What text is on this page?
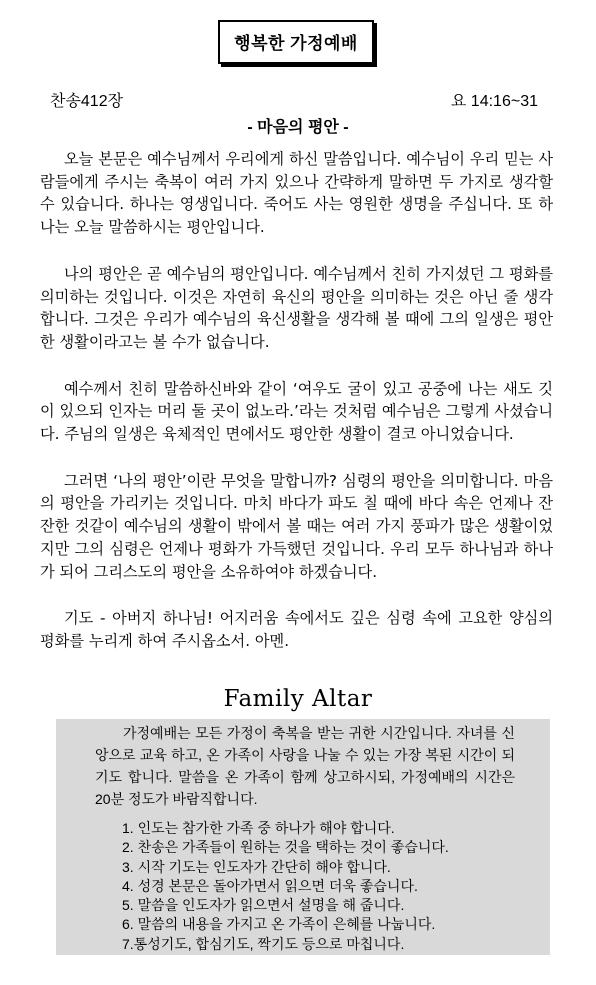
행복한 가정예배
찬송412장	요 14:16~31
- 마음의 평안 -

오늘 본문은 예수님께서 우리에게 하신 말씀입니다. 예수님이 우리 믿는 사람들에게 주시는 축복이 여러 가지 있으나 간략하게 말하면 두 가지로 생각할 수 있습니다. 하나는 영생입니다. 죽어도 사는 영원한 생명을 주십니다. 또 하나는 오늘 말씀하시는 평안입니다.

나의 평안은 곧 예수님의 평안입니다. 예수님께서 친히 가지셨던 그 평화를 의미하는 것입니다. 이것은 자연히 육신의 평안을 의미하는 것은 아닌 줄 생각합니다. 그것은 우리가 예수님의 육신생활을 생각해 볼 때에 그의 일생은 평안한 생활이라고는 볼 수가 없습니다.

예수께서 친히 말씀하신바와 같이 ‘여우도 굴이 있고 공중에 나는 새도 깃이 있으되 인자는 머리 둘 곳이 없노라.’라는 것처럼 예수님은 그렇게 사셨습니다. 주님의 일생은 육체적인 면에서도 평안한 생활이 결코 아니었습니다.

그러면 ‘나의 평안’이란 무엇을 말합니까? 심령의 평안을 의미합니다. 마음의 평안을 가리키는 것입니다. 마치 바다가 파도 칠 때에 바다 속은 언제나 잔잔한 것같이 예수님의 생활이 밖에서 볼 때는 여러 가지 풍파가 많은 생활이었지만 그의 심령은 언제나 평화가 가득했던 것입니다. 우리 모두 하나님과 하나가 되어 그리스도의 평안을 소유하여야 하겠습니다.

기도 - 아버지 하나님! 어지러움 속에서도 깊은 심령 속에 고요한 양심의 평화를 누리게 하여 주시옵소서. 아멘.

Family Altar
가정예배는 모든 가정이 축복을 받는 귀한 시간입니다. 자녀를 신앙으로 교육 하고, 온 가족이 사랑을 나눌 수 있는 가장 복된 시간이 되기도 합니다. 말씀을 온 가족이 함께 상고하시되, 가정예배의 시간은 20분 정도가 바람직합니다.
1. 인도는 참가한 가족 중 하나가 해야 합니다.
2. 찬송은 가족들이 원하는 것을 택하는 것이 좋습니다.
3. 시작 기도는 인도자가 간단히 해야 합니다.
4. 성경 본문은 돌아가면서 읽으면 더욱 좋습니다.
5. 말씀을 인도자가 읽으면서 설명을 해 줍니다.
6. 말씀의 내용을 가지고 온 가족이 은혜를 나눕니다.
7.통성기도, 합심기도, 짝기도 등으로 마칩니다.
